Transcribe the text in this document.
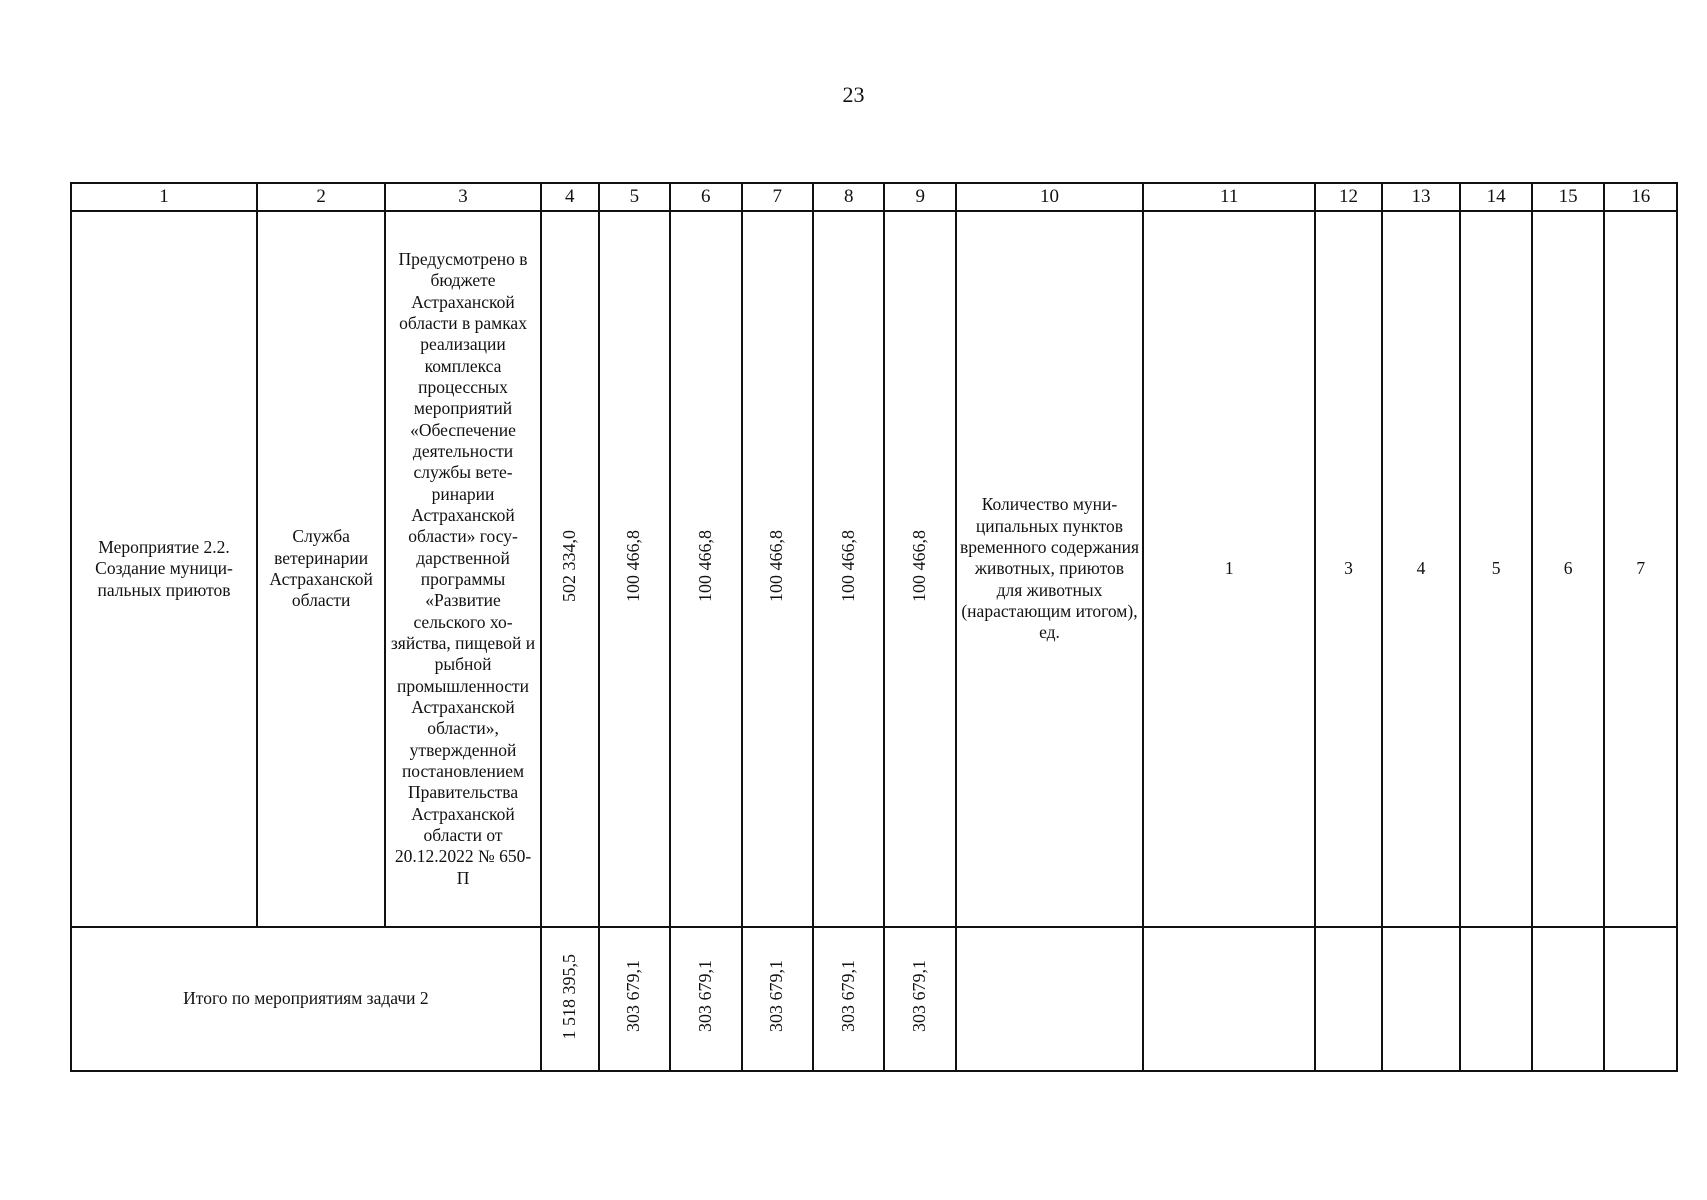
23
1	2	3	4	5	6	7	8	9	10	11	12	13	14	15	16

Мероприятие 2.2. Создание муниципальных приютов	Служба ветеринарии Астраханской области	Предусмотрено в бюджете Астраханской области в рамках реализации комплекса процессных мероприятий «Обеспечение деятельности службы ветеринарии Астраханской области» государственной программы «Развитие сельского хозяйства, пищевой и рыбной промышленности Астраханской области», утвержденной постановлением Правительства Астраханской области от 20.12.2022 № 650-П	502 334,0	100 466,8	100 466,8	100 466,8	100 466,8	100 466,8	Количество муниципальных пунктов временного содержания животных, приютов для животных (нарастающим итогом), ед.	1	3	4	5	6	7
Итого по мероприятиям задачи 2			1 518 395,5	303 679,1	303 679,1	303 679,1	303 679,1	303 679,1							
